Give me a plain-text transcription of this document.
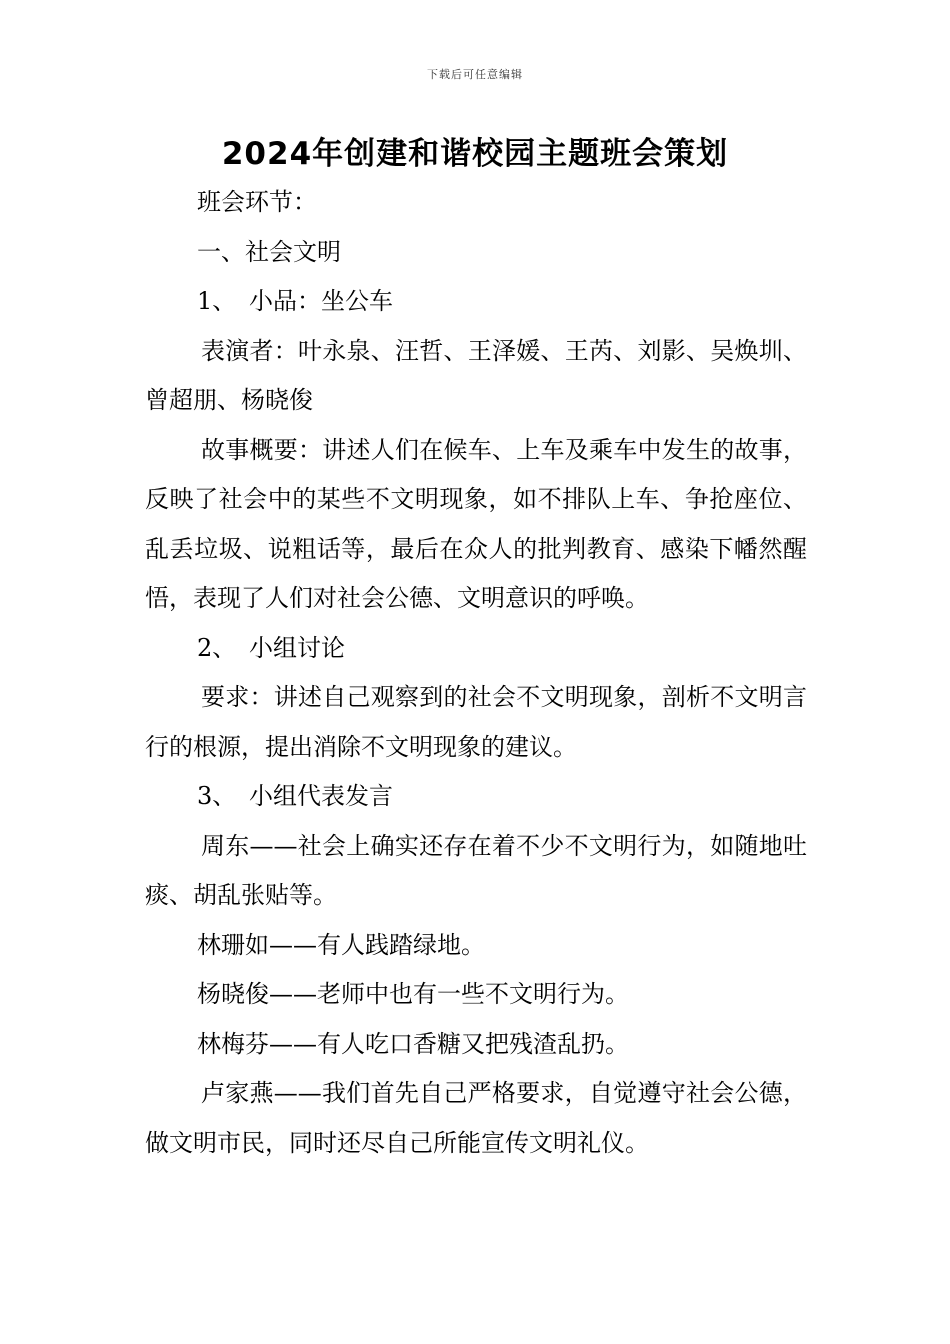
下载后可任意编辑
2024年创建和谐校园主题班会策划

班会环节：

一、社会文明

1、 小品：坐公车

表演者：叶永泉、汪哲、王泽媛、王芮、刘影、吴焕圳、曾超朋、杨晓俊

故事概要：讲述人们在候车、上车及乘车中发生的故事，反映了社会中的某些不文明现象，如不排队上车、争抢座位、乱丢垃圾、说粗话等，最后在众人的批判教育、感染下幡然醒悟，表现了人们对社会公德、文明意识的呼唤。

2、 小组讨论

要求：讲述自己观察到的社会不文明现象，剖析不文明言行的根源，提出消除不文明现象的建议。

3、 小组代表发言

周东——社会上确实还存在着不少不文明行为，如随地吐痰、胡乱张贴等。

林珊如——有人践踏绿地。

杨晓俊——老师中也有一些不文明行为。

林梅芬——有人吃口香糖又把残渣乱扔。

卢家燕——我们首先自己严格要求，自觉遵守社会公德，做文明市民，同时还尽自己所能宣传文明礼仪。
